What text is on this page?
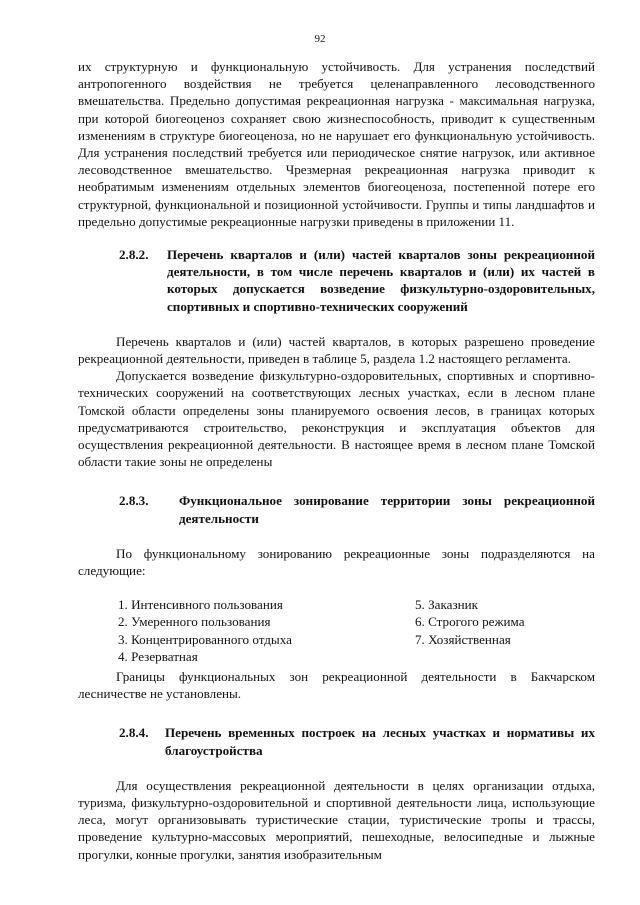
92

их структурную и функциональную устойчивость. Для устранения последствий антропогенного воздействия не требуется целенаправленного лесоводственного вмешательства. Предельно допустимая рекреационная нагрузка - максимальная нагрузка, при которой биогеоценоз сохраняет свою жизнеспособность, приводит к существенным изменениям в структуре биогеоценоза, но не нарушает его функциональную устойчивость. Для устранения последствий требуется или периодическое снятие нагрузок, или активное лесоводственное вмешательство. Чрезмерная рекреационная нагрузка приводит к необратимым изменениям отдельных элементов биогеоценоза, постепенной потере его структурной, функциональной и позиционной устойчивости. Группы и типы ландшафтов и предельно допустимые рекреационные нагрузки приведены в приложении 11.

2.8.2.	Перечень кварталов и (или) частей кварталов зоны рекреационной деятельности, в том числе перечень кварталов и (или) их частей в которых допускается возведение физкультурно-оздоровительных, спортивных и спортивно-технических сооружений

Перечень кварталов и (или) частей кварталов, в которых разрешено проведение рекреационной деятельности, приведен в таблице 5, раздела 1.2 настоящего регламента.

Допускается возведение физкультурно-оздоровительных, спортивных и спортивно-технических сооружений на соответствующих лесных участках, если в лесном плане Томской области определены зоны планируемого освоения лесов, в границах которых предусматриваются строительство, реконструкция и эксплуатация объектов для осуществления рекреационной деятельности. В настоящее время в лесном плане Томской области такие зоны не определены

2.8.3.	Функциональное зонирование территории зоны рекреационной деятельности

По функциональному зонированию рекреационные зоны подразделяются на следующие:

1. Интенсивного пользования
2. Умеренного пользования
3. Концентрированного отдыха
4. Резерватная
5. Заказник
6. Строгого режима
7. Хозяйственная

Границы функциональных зон рекреационной деятельности в Бакчарском лесничестве не установлены.

2.8.4.	Перечень временных построек на лесных участках и нормативы их благоустройства

Для осуществления рекреационной деятельности в целях организации отдыха, туризма, физкультурно-оздоровительной и спортивной деятельности лица, использующие леса, могут организовывать туристические стации, туристические тропы и трассы, проведение культурно-массовых мероприятий, пешеходные, велосипедные и лыжные прогулки, конные прогулки, занятия изобразительным
